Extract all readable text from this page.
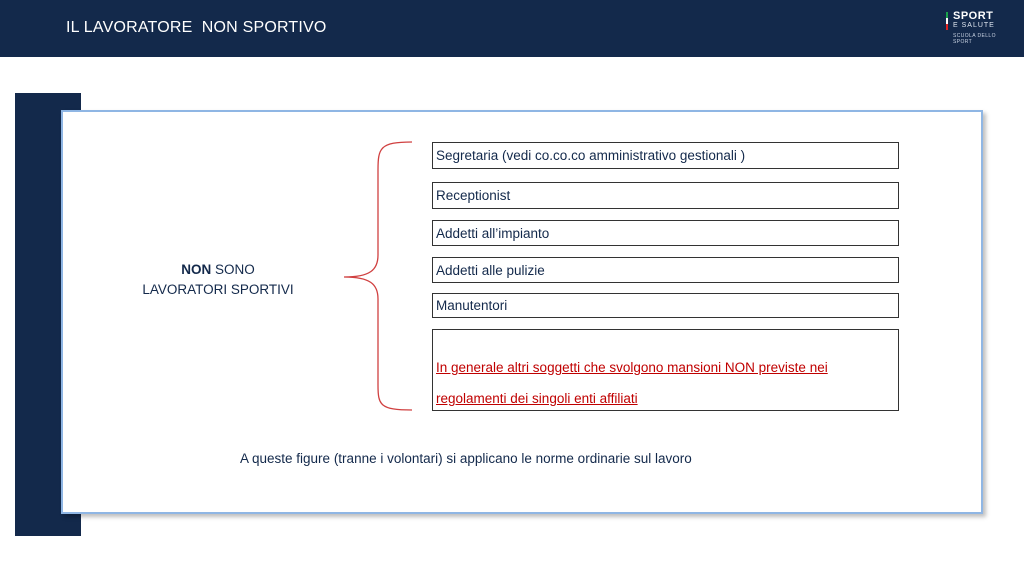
IL LAVORATORE  NON SPORTIVO
SPORT
E SALUTE
SCUOLA DELLO SPORT
NON SONO
LAVORATORI SPORTIVI
Segretaria (vedi co.co.co amministrativo gestionali )
Receptionist
Addetti all’impianto
Addetti alle pulizie
Manutentori
In generale altri soggetti che svolgono mansioni NON previste nei regolamenti dei singoli enti affiliati
A queste figure (tranne i volontari) si applicano le norme ordinarie sul lavoro
